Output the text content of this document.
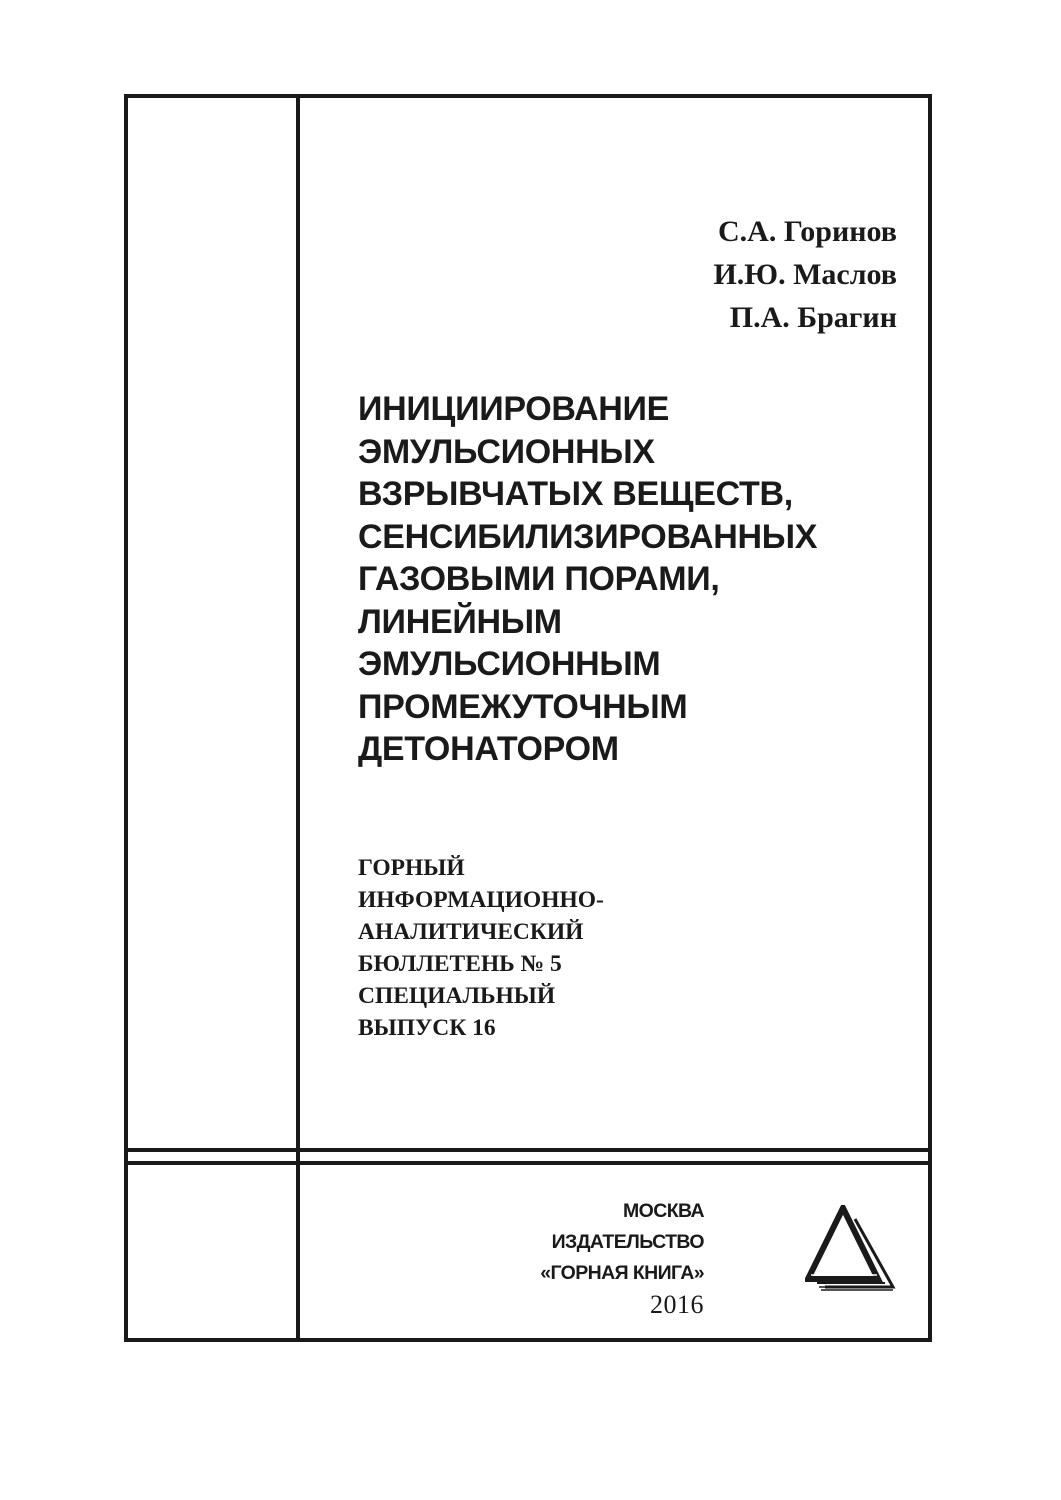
С.А. Горинов
И.Ю. Маслов
П.А. Брагин
ИНИЦИИРОВАНИЕ
ЭМУЛЬСИОННЫХ
ВЗРЫВЧАТЫХ ВЕЩЕСТВ,
СЕНСИБИЛИЗИРОВАННЫХ
ГАЗОВЫМИ ПОРАМИ,
ЛИНЕЙНЫМ
ЭМУЛЬСИОННЫМ
ПРОМЕЖУТОЧНЫМ
ДЕТОНАТОРОМ
ГОРНЫЙ
ИНФОРМАЦИОННО-
АНАЛИТИЧЕСКИЙ
БЮЛЛЕТЕНЬ № 5
СПЕЦИАЛЬНЫЙ
ВЫПУСК 16
МОСКВА
ИЗДАТЕЛЬСТВО
«ГОРНАЯ КНИГА»
2016
